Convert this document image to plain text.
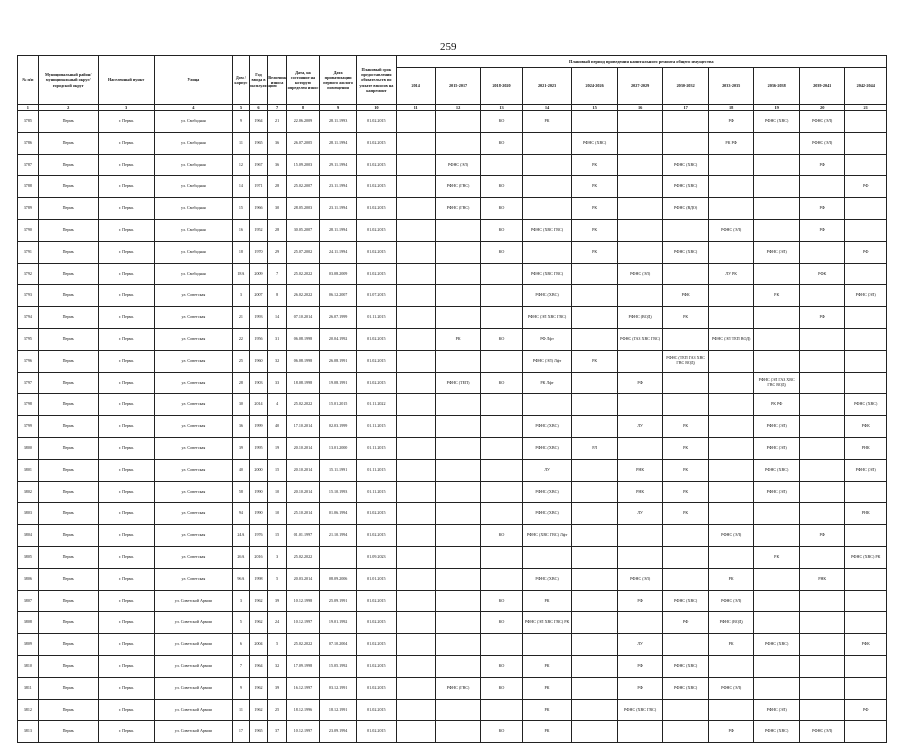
259
№ п/п	Муниципальный район/ муниципальный округ/городской округ	Населенный пункт	Улица	Дом / корпус	Год ввода в эксплуатацию	Величина износа	Дата, на состояние на которую определен износ	Дата приватизации первого жилого помещения	Плановый срок предоставления обязательств по уплате взносов на капремонт	Плановый период проведения капитального ремонта общего имущества										
										2014	2015-2017	2018-2020	2021-2023	2024-2026	2027-2029	2030-2032	2033-2035	2036-2038	2039-2041	2042-2044
1	2	3	4	5	6	7	8	9	10	11	12	13	14	15	16	17	18	19	20	21
3785	Пермь	г. Пермь	ул. Свободная	9	1964	21	22.06.2009	28.11.1993	01.02.2015			КО	РК				РФ	РФНС (ХВС)	РФНС (ЭЛ)	
3786	Пермь	г. Пермь	ул. Свободная	11	1965	36	26.07.2005	28.11.1994	01.02.2015			КО		РФНС (ХВС)			РК РФ		РФНС (ЭЛ)	
3787	Пермь	г. Пермь	ул. Свободная	12	1967	36	15.09.2003	29.11.1994	01.02.2015		РФНС (ЭЛ)			РК		РФНС (ХВС)			РФ	
3788	Пермь	г. Пермь	ул. Свободная	14	1971	28	25.02.2007	23.11.1994	01.02.2015		РФНС (ГВС)	КО		РК		РФНС (ХВС)				РФ
3789	Пермь	г. Пермь	ул. Свободная	15	1966	30	28.05.2003	23.11.1994	01.02.2015		РФНС (ГВС)	КО		РК		РФНС (ВДО)			РФ	
3790	Пермь	г. Пермь	ул. Свободная	16	1952	28	30.05.2007	28.11.1994	01.02.2015			КО	РФНС (ХВС ГВС)	РК			РФНС (ЭЛ)		РФ	
3791	Пермь	г. Пермь	ул. Свободная	18	1970	29	25.07.2002	24.11.1994	01.02.2015			КО		РК		РФНС (ХВС)		РФНС (ЭЛ)		РФ
3792	Пермь	г. Пермь	ул. Свободная	18А	2009	7	25.02.2022	03.08.2009	01.02.2015				РФНС (ХВС ГВС)		РФНС (ЭЛ)		ЛУ РК		РФК	
3793	Пермь	г. Пермь	ул. Советская	3	2007	8	26.02.2022	06.12.2007	01.07.2015				РФНС (ХВС)			РФК		РК		РФНС (ЭЛ)
3794	Пермь	г. Пермь	ул. Советская	21	1993	14	07.10.2014	26.07.1999	01.11.2015				РФНС (ЭЛ ХВС ГВС)		РФНС (ВОД)	РК			РФ	
3795	Пермь	г. Пермь	ул. Советская	22	1956	31	06.08.1998	20.04.1992	01.02.2015		РК	КО	РФ Лфт		РФНС (ГАЗ ХВС ГВС)		РФНС (ЭЛ ТЕП ВОД)			
3796	Пермь	г. Пермь	ул. Советская	25	1960	32	06.08.1998	26.08.1991	01.02.2015				РФНС (ЭЛ) Лфт	РК		РФНС (ТЕП ГАЗ ХВС ГВС ВОД)				
3797	Пермь	г. Пермь	ул. Советская	28	1903	33	18.08.1998	19.08.1991	01.02.2015		РФНС (ТЕП)	КО	РК Лфт		РФ			РФНС (ЭЛ ГАЗ ХВС ГВС ВОД)		
3798	Пермь	г. Пермь	ул. Советская	30	2014	4	25.02.2022	15.01.2015	01.11.2022									РК РФ		РФНС (ХВС)
3799	Пермь	г. Пермь	ул. Советская	36	1999	40	17.10.2014	02.03.1999	01.11.2015				РФНС (ХВС)		ЛУ	РК		РФНС (ЭЛ)		РФК
3800	Пермь	г. Пермь	ул. Советская	39	1995	19	20.10.2014	13.01.2000	01.11.2015				РФНС (ХВС)	РЛ		РК		РФНС (ЭЛ)		РНК
3801	Пермь	г. Пермь	ул. Советская	40	2000	15	20.10.2014	15.11.1991	01.11.2015				ЛУ		РНК	РК		РФНС (ХВС)		РФНС (ЭЛ)
3802	Пермь	г. Пермь	ул. Советская	58	1990	10	20.10.2014	15.10.1993	01.11.2015				РФНС (ХВС)		РНК	РК		РФНС (ЭЛ)		
3803	Пермь	г. Пермь	ул. Советская	94	1990	10	25.10.2014	01.06.1994	01.02.2015				РФНС (ХВС)		ЛУ	РК				РНК
3804	Пермь	г. Пермь	ул. Советская	24А	1976	15	01.01.1997	21.10.1994	01.02.2015			КО	РФНС (ХВС ГВС) Лфт				РФНС (ЭЛ)		РФ	
3805	Пермь	г. Пермь	ул. Советская	26А	2016	3	25.02.2022		01.09.2023									РК		РФНС (ХВС) РК
3806	Пермь	г. Пермь	ул. Советская	96А	1998	5	20.03.2014	08.09.2006	01.01.2015				РФНС (ХВС)		РФНС (ЭЛ)		РК		РНК	
3807	Пермь	г. Пермь	ул. Советской Армии	3	1962	39	10.12.1998	25.09.1991	01.02.2015			КО	РК		РФ	РФНС (ХВС)	РФНС (ЭЛ)			
3808	Пермь	г. Пермь	ул. Советской Армии	5	1962	24	10.12.1997	19.01.1992	01.02.2015			КО	РФНС (ЭЛ ХВС ГВС) РК			РФ	РФНС (ВОД)			
3809	Пермь	г. Пермь	ул. Советской Армии	6	2004	5	25.02.2022	07.10.2004	01.02.2015						ЛУ		РК	РФНС (ХВС)		РФК
3810	Пермь	г. Пермь	ул. Советской Армии	7	1964	32	17.09.1998	15.05.1992	01.02.2015			КО	РК		РФ	РФНС (ХВС)				
3811	Пермь	г. Пермь	ул. Советской Армии	9	1962	39	16.12.1997	03.12.1991	01.02.2015		РФНС (ГВС)	КО	РК		РФ	РФНС (ХВС)	РФНС (ЭЛ)			
3812	Пермь	г. Пермь	ул. Советской Армии	11	1962	25	18.12.1996	18.12.1991	01.02.2015				РК		РФНС (ХВС ГВС)			РФНС (ЭЛ)		РФ
3813	Пермь	г. Пермь	ул. Советской Армии	17	1965	37	10.12.1997	23.09.1994	01.02.2015			КО	РК				РФ	РФНС (ХВС)	РФНС (ЭЛ)	
